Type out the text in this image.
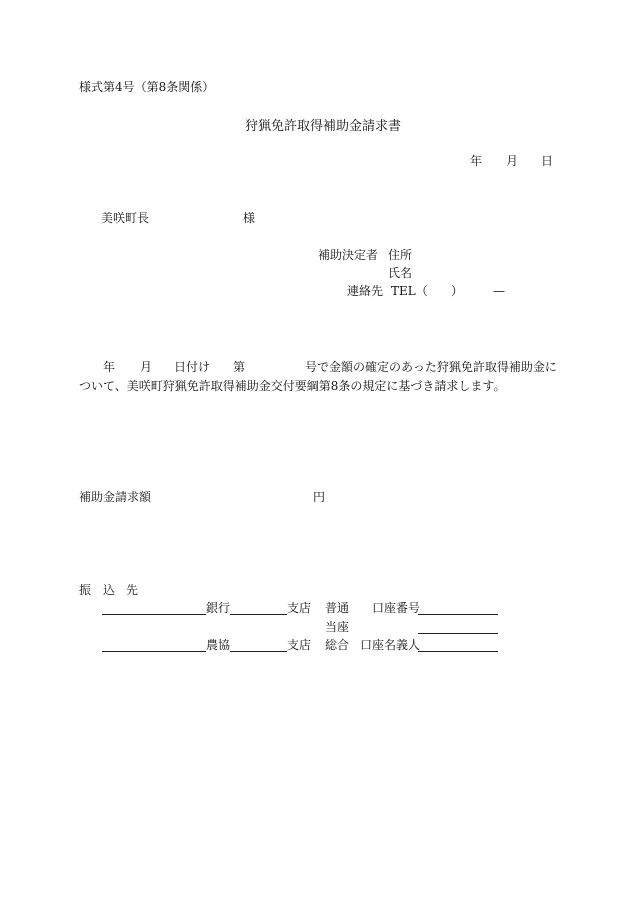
様式第4号（第8条関係）
狩猟免許取得補助金請求書
年 月 日
美咲町長	様
補助決定者 住所
氏名
連絡先 TEL（ ） —
年 月 日付け 第	号で金額の確定のあった狩猟免許取得補助金に
ついて、美咲町狩猟免許取得補助金交付要綱第8条の規定に基づき請求します。
補助金請求額	円
振 込 先
銀行	支店 普通 口座番号
当座
農協	支店 総合 口座名義人
